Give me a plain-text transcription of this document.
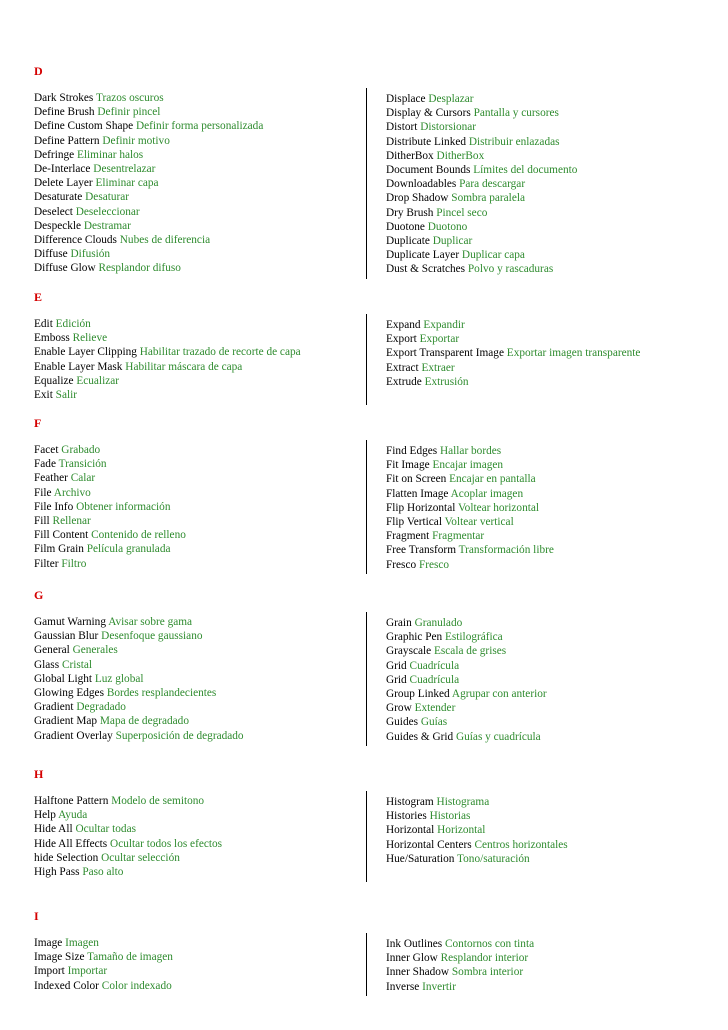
D
Dark Strokes Trazos oscuros
Define Brush Definir pincel
Define Custom Shape Definir forma personalizada
Define Pattern Definir motivo
Defringe Eliminar halos
De-Interlace Desentrelazar
Delete Layer Eliminar capa
Desaturate Desaturar
Deselect Deseleccionar
Despeckle Destramar
Difference Clouds Nubes de diferencia
Diffuse Difusión
Diffuse Glow Resplandor difuso
Displace Desplazar
Display & Cursors Pantalla y cursores
Distort Distorsionar
Distribute Linked Distribuir enlazadas
DitherBox DitherBox
Document Bounds Límites del documento
Downloadables Para descargar
Drop Shadow Sombra paralela
Dry Brush Pincel seco
Duotone Duotono
Duplicate Duplicar
Duplicate Layer Duplicar capa
Dust & Scratches Polvo y rascaduras
E
Edit Edición
Emboss Relieve
Enable Layer Clipping Habilitar trazado de recorte de capa
Enable Layer Mask Habilitar máscara de capa
Equalize Ecualizar
Exit Salir
Expand Expandir
Export Exportar
Export Transparent Image Exportar imagen transparente
Extract Extraer
Extrude Extrusión
F
Facet Grabado
Fade Transición
Feather Calar
File Archivo
File Info Obtener información
Fill Rellenar
Fill Content Contenido de relleno
Film Grain Película granulada
Filter Filtro
Find Edges Hallar bordes
Fit Image Encajar imagen
Fit on Screen Encajar en pantalla
Flatten Image Acoplar imagen
Flip Horizontal Voltear horizontal
Flip Vertical Voltear vertical
Fragment Fragmentar
Free Transform Transformación libre
Fresco Fresco
G
Gamut Warning Avisar sobre gama
Gaussian Blur Desenfoque gaussiano
General Generales
Glass Cristal
Global Light Luz global
Glowing Edges Bordes resplandecientes
Gradient Degradado
Gradient Map Mapa de degradado
Gradient Overlay Superposición de degradado
Grain Granulado
Graphic Pen Estilográfica
Grayscale Escala de grises
Grid Cuadrícula
Grid Cuadrícula
Group Linked Agrupar con anterior
Grow Extender
Guides Guías
Guides & Grid Guías y cuadrícula
H
Halftone Pattern Modelo de semitono
Help Ayuda
Hide All Ocultar todas
Hide All Effects Ocultar todos los efectos
hide Selection Ocultar selección
High Pass Paso alto
Histogram Histograma
Histories Historias
Horizontal Horizontal
Horizontal Centers Centros horizontales
Hue/Saturation Tono/saturación
I
Image Imagen
Image Size Tamaño de imagen
Import Importar
Indexed Color Color indexado
Ink Outlines Contornos con tinta
Inner Glow Resplandor interior
Inner Shadow Sombra interior
Inverse Invertir
